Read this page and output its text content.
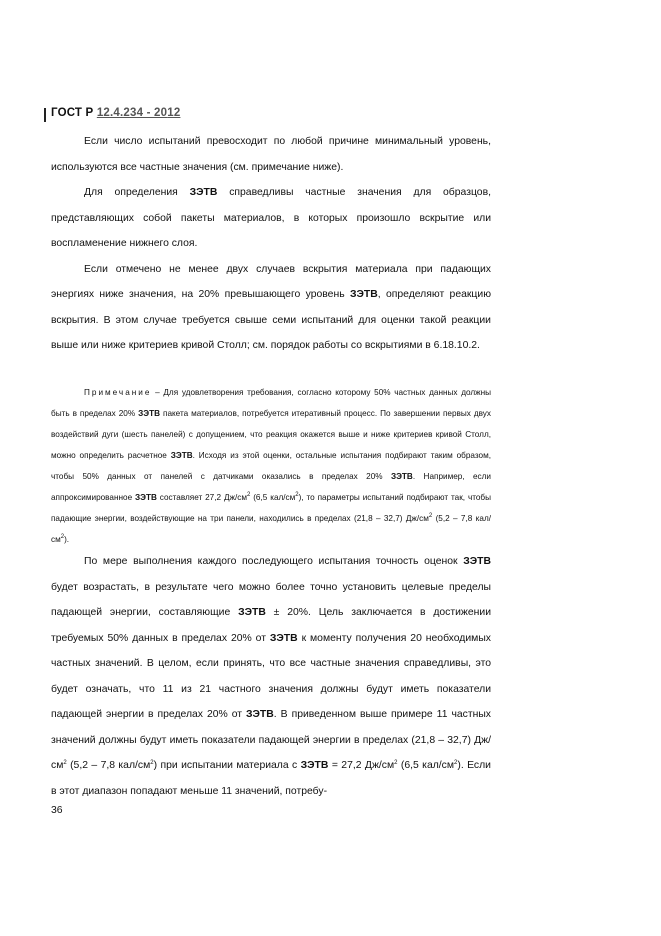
ГОСТ Р 12.4.234 - 2012

Если число испытаний превосходит по любой причине минимальный уровень, используются все частные значения (см. примечание ниже).

Для определения ЗЭТВ справедливы частные значения для образцов, представляющих собой пакеты материалов, в которых произошло вскрытие или воспламенение нижнего слоя.

Если отмечено не менее двух случаев вскрытия материала при падающих энергиях ниже значения, на 20% превышающего уровень ЗЭТВ, определяют реакцию вскрытия. В этом случае требуется свыше семи испытаний для оценки такой реакции выше или ниже критериев кривой Столл; см. порядок работы со вскрытиями в 6.18.10.2.

Примечание – Для удовлетворения требования, согласно которому 50% частных данных должны быть в пределах 20% ЗЭТВ пакета материалов, потребуется итеративный процесс. По завершении первых двух воздействий дуги (шесть панелей) с допущением, что реакция окажется выше и ниже критериев кривой Столл, можно определить расчетное ЗЭТВ. Исходя из этой оценки, остальные испытания подбирают таким образом, чтобы 50% данных от панелей с датчиками оказались в пределах 20% ЗЭТВ. Например, если аппроксимированное ЗЭТВ составляет 27,2 $Дж/см^2$ (6,5 кал/$см^2$), то параметры испытаний подбирают так, чтобы падающие энергии, воздействующие на три панели, находились в пределах (21,8 – 32,7) $Дж/см^2$ (5,2 – 7,8 кал/$см^2$).

По мере выполнения каждого последующего испытания точность оценок ЗЭТВ будет возрастать, в результате чего можно более точно установить целевые пределы падающей энергии, составляющие ЗЭТВ ± 20%. Цель заключается в достижении требуемых 50% данных в пределах 20% от ЗЭТВ к моменту получения 20 необходимых частных значений. В целом, если принять, что все частные значения справедливы, это будет означать, что 11 из 21 частного значения должны будут иметь показатели падающей энергии в пределах 20% от ЗЭТВ. В приведенном выше примере 11 частных значений должны будут иметь показатели падающей энергии в пределах (21,8 – 32,7) $Дж/см^2$ (5,2 – 7,8 кал/$см^2$) при испытании материала с ЗЭТВ = 27,2 $Дж/см^2$ (6,5 кал/$см^2$). Если в этот диапазон попадают меньше 11 значений, потребу-

36
